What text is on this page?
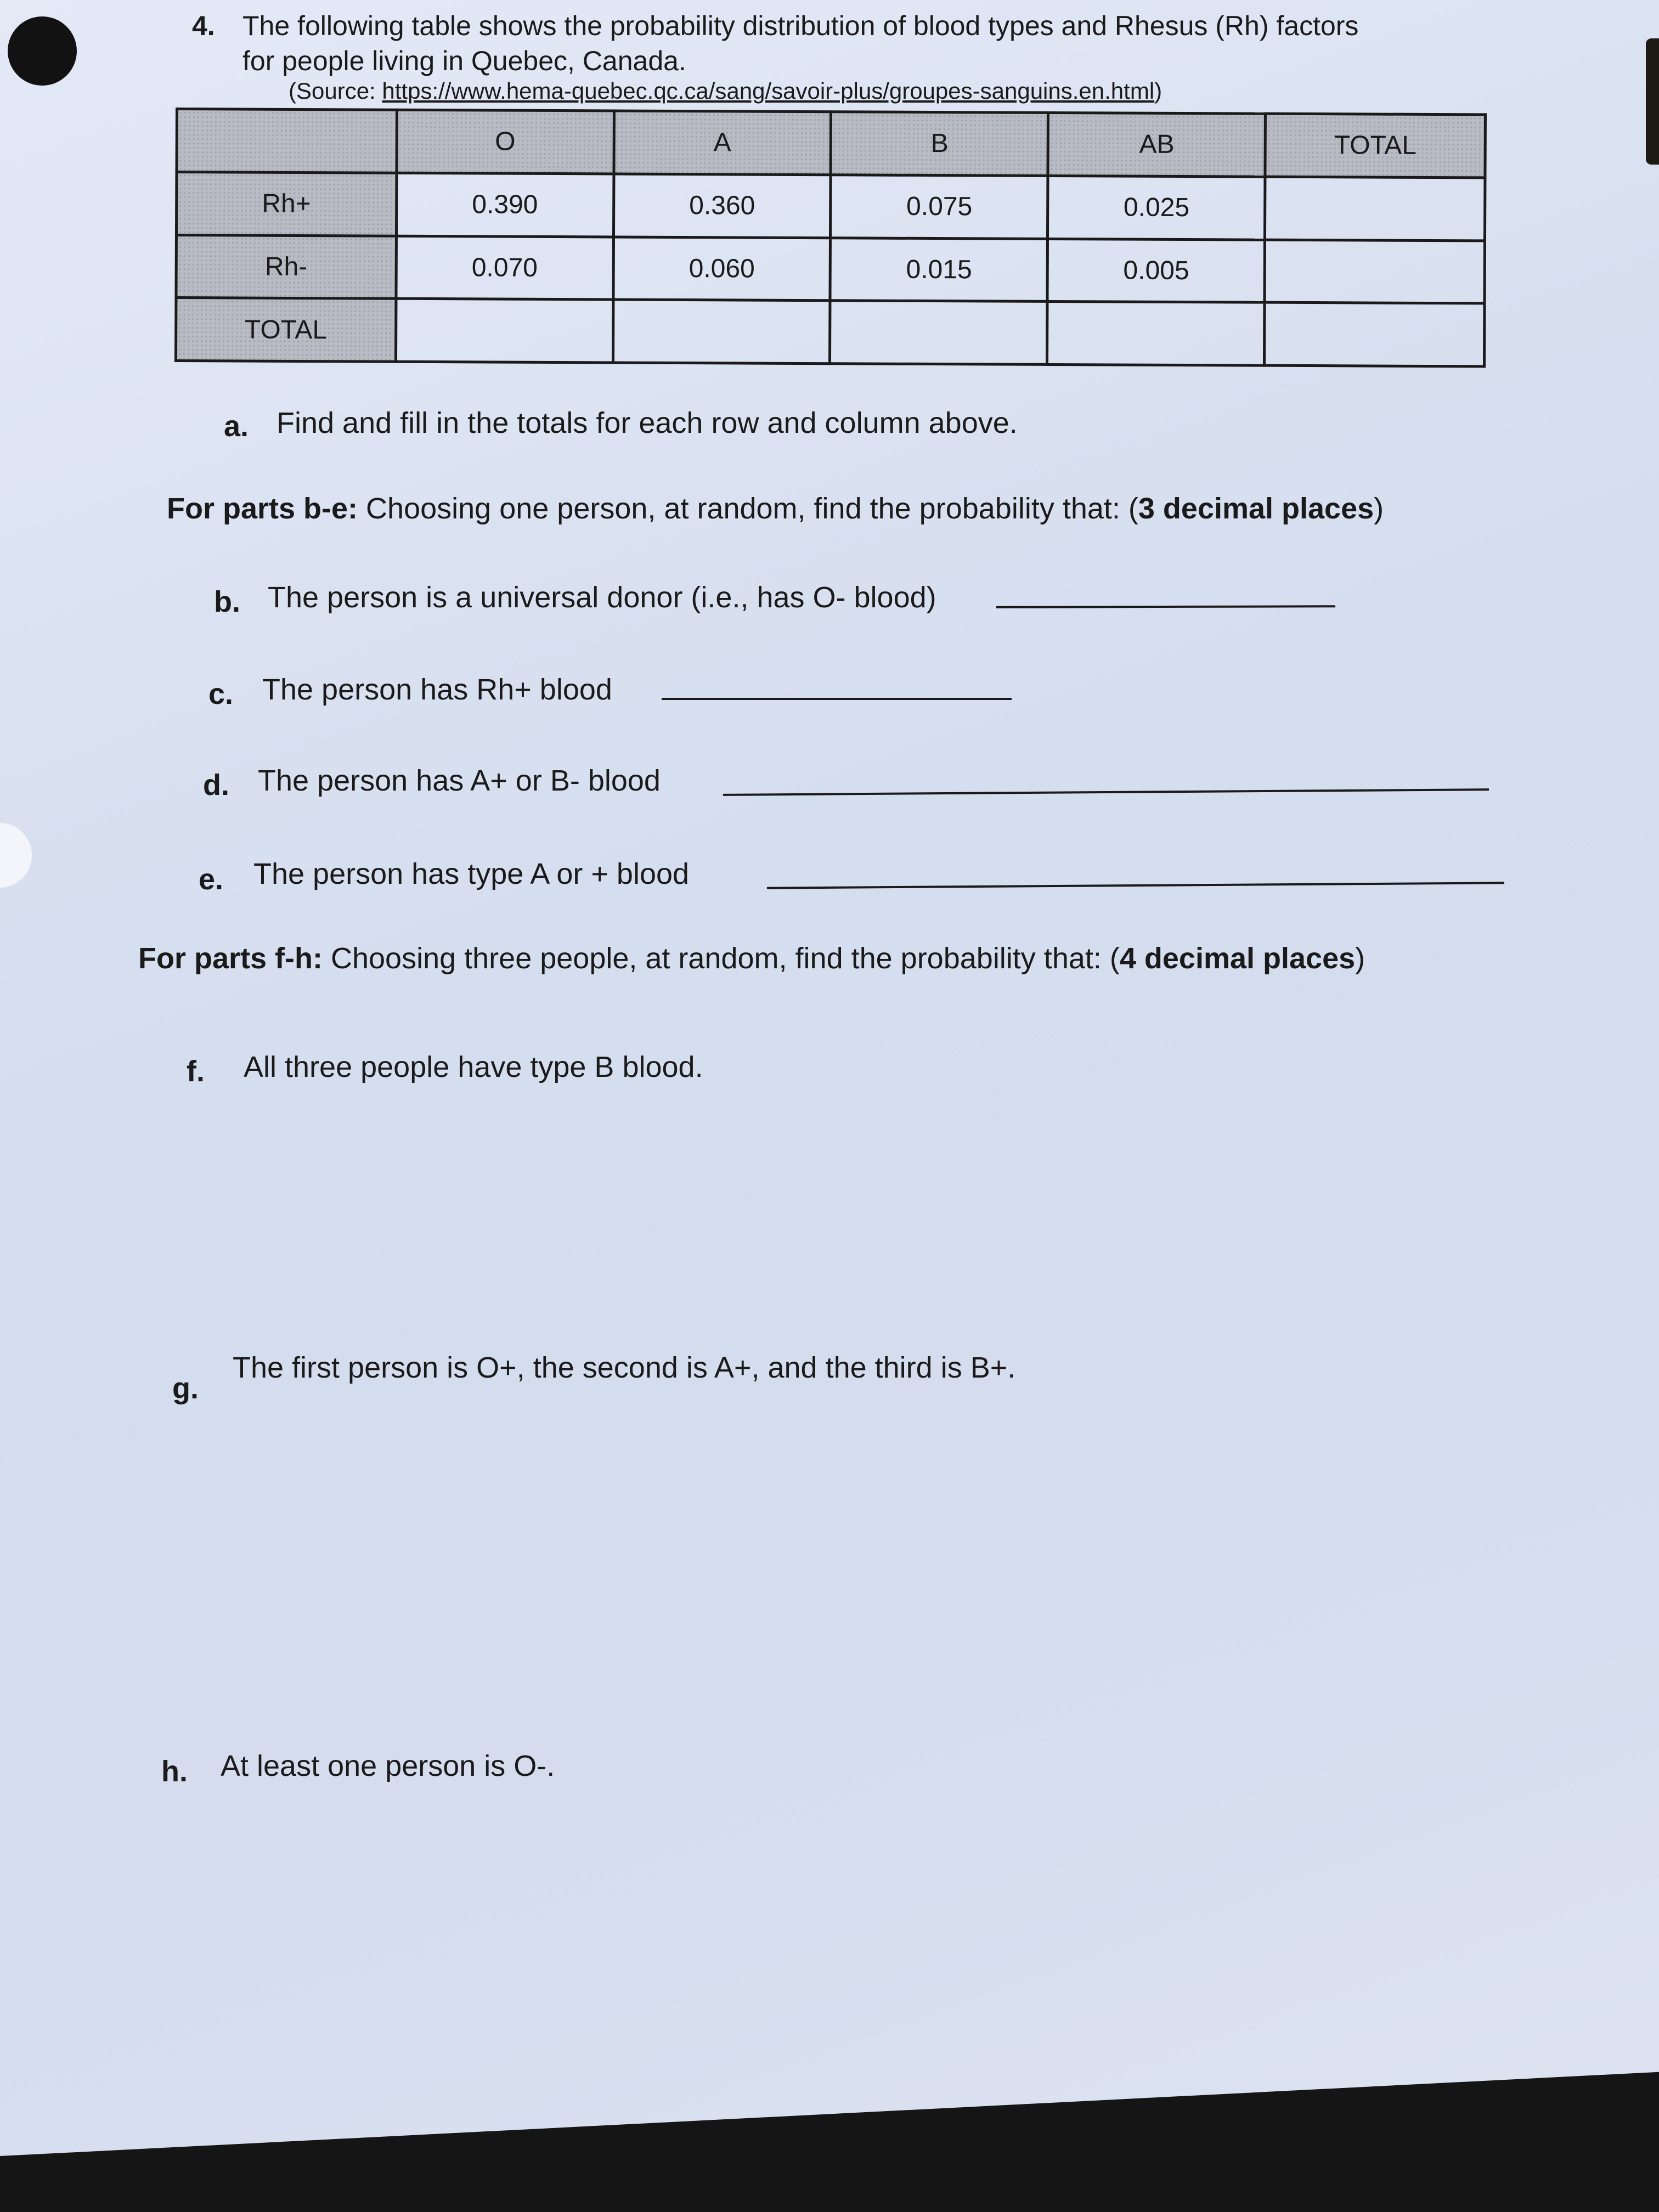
4. The following table shows the probability distribution of blood types and Rhesus (Rh) factors
for people living in Quebec, Canada.
(Source: https://www.hema-quebec.qc.ca/sang/savoir-plus/groupes-sanguins.en.html)
	O	A	B	AB	TOTAL
Rh+	0.390	0.360	0.075	0.025	
Rh-	0.070	0.060	0.015	0.005	
TOTAL					
a. Find and fill in the totals for each row and column above.
For parts b-e: Choosing one person, at random, find the probability that: (3 decimal places)
b. The person is a universal donor (i.e., has O- blood)
c. The person has Rh+ blood
d. The person has A+ or B- blood
e. The person has type A or + blood
For parts f-h: Choosing three people, at random, find the probability that: (4 decimal places)
f. All three people have type B blood.
g.
The first person is O+, the second is A+, and the third is B+.
h. At least one person is O-.
